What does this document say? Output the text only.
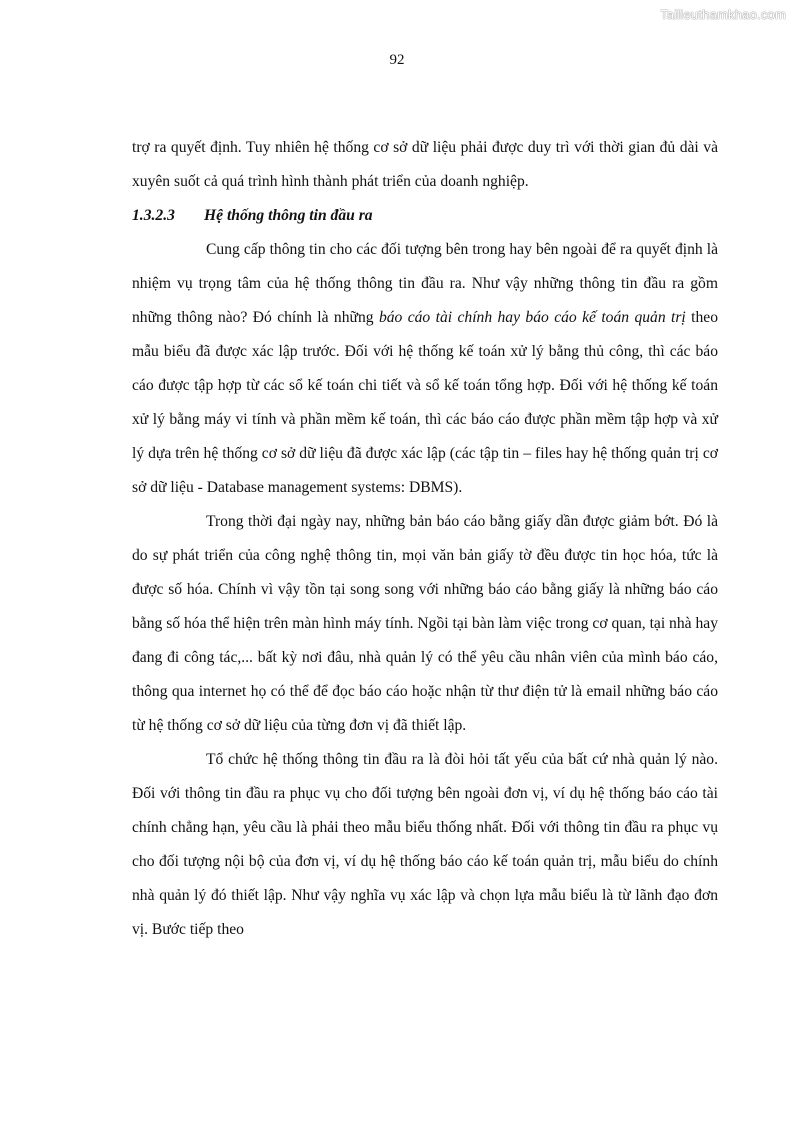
Tailieuthamkhao.com
92

trợ ra quyết định. Tuy nhiên hệ thống cơ sở dữ liệu phải được duy trì với thời gian đủ dài và xuyên suốt cả quá trình hình thành phát triển của doanh nghiệp.

1.3.2.3 Hệ thống thông tin đầu ra

Cung cấp thông tin cho các đối tượng bên trong hay bên ngoài để ra quyết định là nhiệm vụ trọng tâm của hệ thống thông tin đầu ra. Như vậy những thông tin đầu ra gồm những thông nào? Đó chính là những báo cáo tài chính hay báo cáo kế toán quản trị theo mẫu biểu đã được xác lập trước. Đối với hệ thống kế toán xử lý bằng thủ công, thì các báo cáo được tập hợp từ các sổ kế toán chi tiết và sổ kế toán tổng hợp. Đối với hệ thống kế toán xử lý bằng máy vi tính và phần mềm kế toán, thì các báo cáo được phần mềm tập hợp và xử lý dựa trên hệ thống cơ sở dữ liệu đã được xác lập (các tập tin – files hay hệ thống quản trị cơ sở dữ liệu - Database management systems: DBMS).

Trong thời đại ngày nay, những bản báo cáo bằng giấy dần được giảm bớt. Đó là do sự phát triển của công nghệ thông tin, mọi văn bản giấy tờ đều được tin học hóa, tức là được số hóa. Chính vì vậy tồn tại song song với những báo cáo bằng giấy là những báo cáo bằng số hóa thể hiện trên màn hình máy tính. Ngồi tại bàn làm việc trong cơ quan, tại nhà hay đang đi công tác,... bất kỳ nơi đâu, nhà quản lý có thể yêu cầu nhân viên của mình báo cáo, thông qua internet họ có thể để đọc báo cáo hoặc nhận từ thư điện tử là email những báo cáo từ hệ thống cơ sở dữ liệu của từng đơn vị đã thiết lập.

Tổ chức hệ thống thông tin đầu ra là đòi hỏi tất yếu của bất cứ nhà quản lý nào. Đối với thông tin đầu ra phục vụ cho đối tượng bên ngoài đơn vị, ví dụ hệ thống báo cáo tài chính chẳng hạn, yêu cầu là phải theo mẫu biểu thống nhất. Đối với thông tin đầu ra phục vụ cho đối tượng nội bộ của đơn vị, ví dụ hệ thống báo cáo kế toán quản trị, mẫu biểu do chính nhà quản lý đó thiết lập. Như vậy nghĩa vụ xác lập và chọn lựa mẫu biểu là từ lãnh đạo đơn vị. Bước tiếp theo
